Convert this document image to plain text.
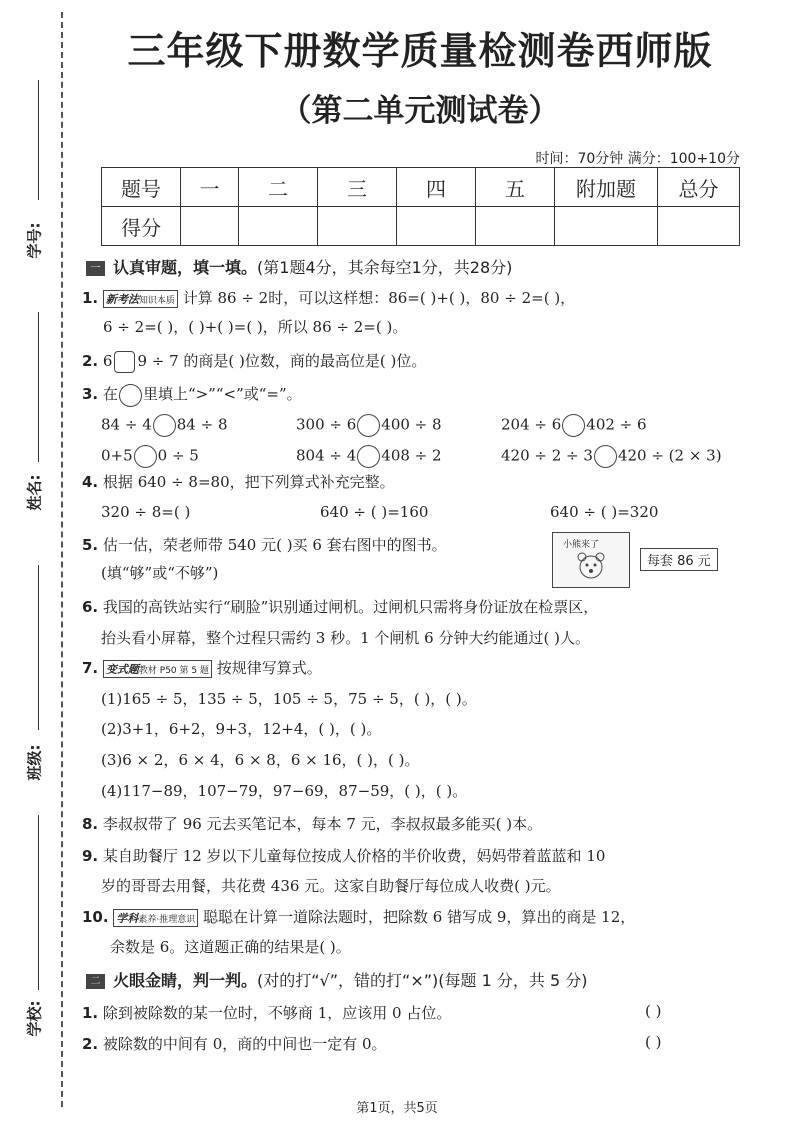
学号:
姓名:
班级:
学校:
三年级下册数学质量检测卷西师版
（第二单元测试卷）
时间：70分钟 满分：100+10分
题号	一	二	三	四	五	附加题	总分
得分							
一 认真审题，填一填。(第1题4分，其余每空1分，共28分)
1. 新考法知识本质 计算 86 ÷ 2时，可以这样想：86=( )+( )，80 ÷ 2=( )，
6 ÷ 2=( )，( )+( )=( )，所以 86 ÷ 2=( )。
2. 6 9 ÷ 7 的商是( )位数，商的最高位是( )位。
3. 在 里填上“>”“<”或“=”。
84 ÷ 4 84 ÷ 8	300 ÷ 6 400 ÷ 8	204 ÷ 6 402 ÷ 6
0+5 0 ÷ 5	804 ÷ 4 408 ÷ 2	420 ÷ 2 ÷ 3 420 ÷ (2 × 3)
4. 根据 640 ÷ 8=80，把下列算式补充完整。
320 ÷ 8=( )	640 ÷ ( )=160	640 ÷ ( )=320
5. 估一估，荣老师带 540 元( )买 6 套右图中的图书。
(填“够”或“不够”)
小熊来了
每套 86 元
6. 我国的高铁站实行“刷脸”识别通过闸机。过闸机只需将身份证放在检票区，
抬头看小屏幕，整个过程只需约 3 秒。1 个闸机 6 分钟大约能通过( )人。
7. 变式题教材 P50 第 5 题 按规律写算式。
(1)165 ÷ 5，135 ÷ 5，105 ÷ 5，75 ÷ 5，( )，( )。
(2)3+1，6+2，9+3，12+4，( )，( )。
(3)6 × 2，6 × 4，6 × 8，6 × 16，( )，( )。
(4)117−89，107−79，97−69，87−59，( )，( )。
8. 李叔叔带了 96 元去买笔记本，每本 7 元，李叔叔最多能买( )本。
9. 某自助餐厅 12 岁以下儿童每位按成人价格的半价收费，妈妈带着蓝蓝和 10
岁的哥哥去用餐，共花费 436 元。这家自助餐厅每位成人收费( )元。
10. 学科素养·推理意识 聪聪在计算一道除法题时，把除数 6 错写成 9，算出的商是 12，
余数是 6。这道题正确的结果是( )。
二 火眼金睛，判一判。(对的打“√”，错的打“×”)(每题 1 分，共 5 分)
1. 除到被除数的某一位时，不够商 1，应该用 0 占位。	( )
2. 被除数的中间有 0，商的中间也一定有 0。	( )
第1页，共5页
